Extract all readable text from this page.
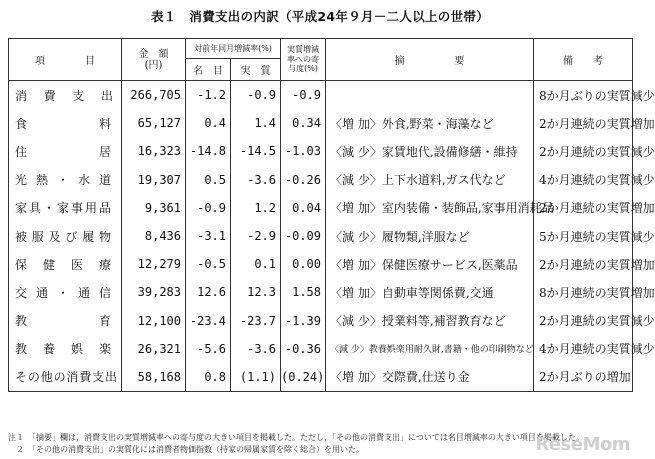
表１　消費支出の内訳（平成24年９月－二人以上の世帯）
項　　　　目	金　額
(円)	対前年同月増減率(%)		実質増減率への寄与度(%)	摘　　　　　要	備　　考
		名　目	実　質			

消費支出	266,705	-1.2	-0.9	-0.9		8か月ぶりの実質減少

食料	65,127	0.4	1.4	0.34	〈増 加〉外食,野菜・海藻など	2か月連続の実質増加

住居	16,323	-14.8	-14.5	-1.03	〈減 少〉家賃地代,設備修繕・維持	2か月連続の実質減少

光熱・水道	19,307	0.5	-3.6	-0.26	〈減 少〉上下水道料,ガス代など	4か月連続の実質減少

家具・家事用品	9,361	-0.9	1.2	0.04	〈増 加〉室内装備・装飾品,家事用消耗品	2か月連続の実質増加

被服及び履物	8,436	-3.1	-2.9	-0.09	〈減 少〉履物類,洋服など	5か月連続の実質減少

保健医療	12,279	-0.5	0.1	0.00	〈増 加〉保健医療サービス,医薬品	2か月連続の実質増加

交通・通信	39,283	12.6	12.3	1.58	〈増 加〉自動車等関係費,交通	8か月連続の実質増加

教育	12,100	-23.4	-23.7	-1.39	〈減 少〉授業料等,補習教育など	2か月連続の実質減少

教養娯楽	26,321	-5.6	-3.6	-0.36	〈減 少〉教養娯楽用耐久財,書籍・他の印刷物など	4か月連続の実質減少

その他の消費支出	58,168	0.8	(1.1)	(0.24)	〈増 加〉交際費,仕送り金	2か月ぶりの増加
注１ 「摘要」欄は，消費支出の実質増減率への寄与度の大きい項目を掲載した。ただし，「その他の消費支出」については名目増減率の大きい項目を掲載した。
２ 「その他の消費支出」の実質化には消費者物価指数（持家の帰属家賃を除く総合）を用いた。	ReseMom
